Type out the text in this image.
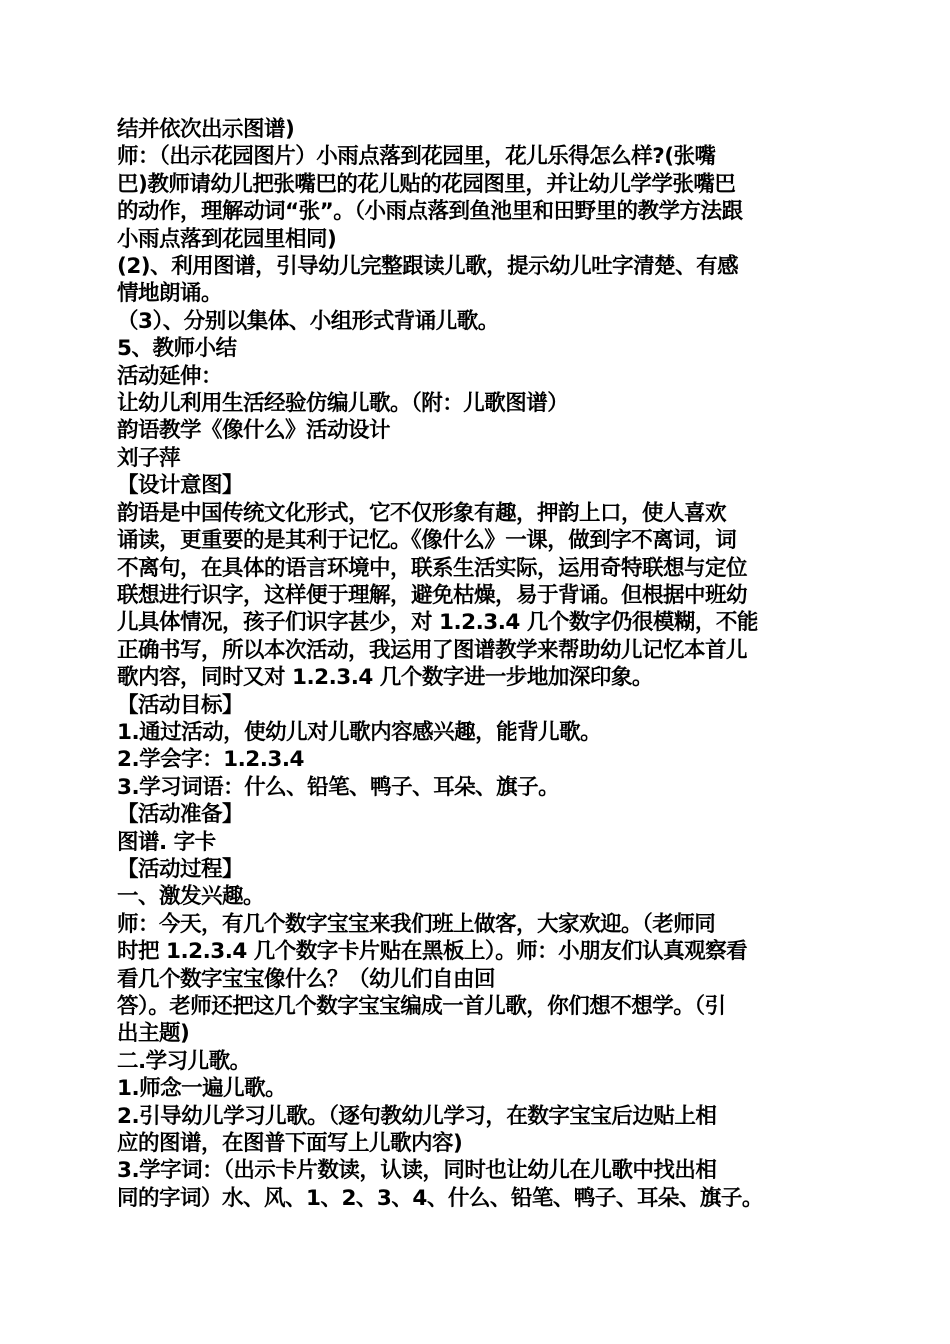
结并依次出示图谱)
师：（出示花园图片）小雨点落到花园里，花儿乐得怎么样?(张嘴
巴)教师请幼儿把张嘴巴的花儿贴的花园图里，并让幼儿学学张嘴巴
的动作，理解动词“张”。（小雨点落到鱼池里和田野里的教学方法跟
小雨点落到花园里相同)
(2)、利用图谱，引导幼儿完整跟读儿歌，提示幼儿吐字清楚、有感
情地朗诵。
（3）、分别以集体、小组形式背诵儿歌。
5、教师小结
活动延伸：
让幼儿利用生活经验仿编儿歌。（附：儿歌图谱）
韵语教学《像什么》活动设计
刘子萍
【设计意图】
韵语是中国传统文化形式，它不仅形象有趣，押韵上口，使人喜欢
诵读，更重要的是其利于记忆。《像什么》一课，做到字不离词，词
不离句，在具体的语言环境中，联系生活实际，运用奇特联想与定位
联想进行识字，这样便于理解，避免枯燥，易于背诵。但根据中班幼
儿具体情况，孩子们识字甚少，对 1.2.3.4 几个数字仍很模糊，不能
正确书写，所以本次活动，我运用了图谱教学来帮助幼儿记忆本首儿
歌内容，同时又对 1.2.3.4 几个数字进一步地加深印象。
【活动目标】
1.通过活动，使幼儿对儿歌内容感兴趣，能背儿歌。
2.学会字：1.2.3.4
3.学习词语：什么、铅笔、鸭子、耳朵、旗子。
【活动准备】
图谱. 字卡
【活动过程】
一、激发兴趣。
师：今天，有几个数字宝宝来我们班上做客，大家欢迎。（老师同
时把 1.2.3.4 几个数字卡片贴在黑板上）。师：小朋友们认真观察看
看几个数字宝宝像什么？（幼儿们自由回
答）。老师还把这几个数字宝宝编成一首儿歌，你们想不想学。（引
出主题)
二.学习儿歌。
1.师念一遍儿歌。
2.引导幼儿学习儿歌。（逐句教幼儿学习，在数字宝宝后边贴上相
应的图谱，在图普下面写上儿歌内容)
3.学字词：（出示卡片数读，认读，同时也让幼儿在儿歌中找出相
同的字词）水、风、1、2、3、4、什么、铅笔、鸭子、耳朵、旗子。
